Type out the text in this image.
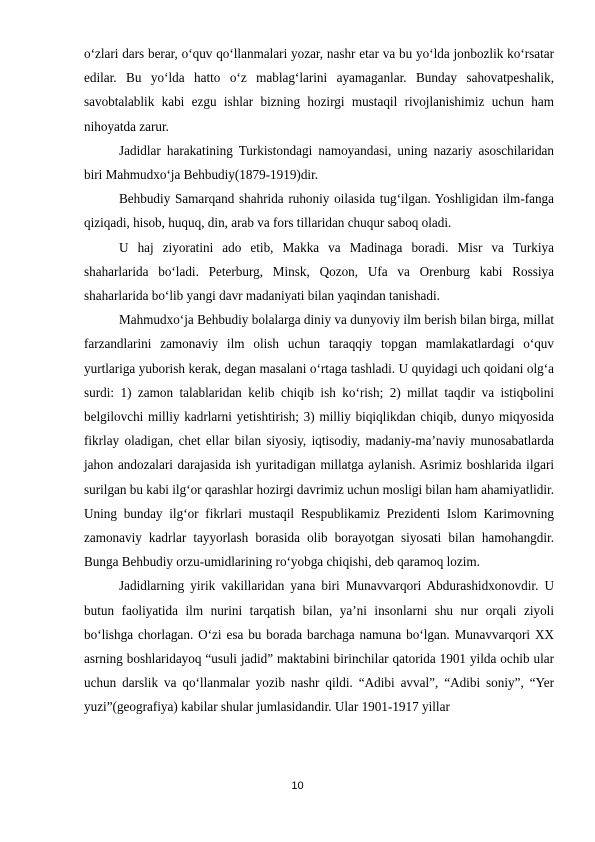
o‘zlari dars berar, o‘quv qo‘llanmalari yozar, nashr etar va bu yo‘lda jonbozlik ko‘rsatar edilar. Bu yo‘lda hatto o‘z mablag‘larini ayamaganlar. Bunday sahovatpeshalik, savobtalablik kabi ezgu ishlar bizning hozirgi mustaqil rivojlanishimiz uchun ham nihoyatda zarur.

Jadidlar harakatining Turkistondagi namoyandasi, uning nazariy asoschilaridan biri Mahmudxo‘ja Behbudiy(1879-1919)dir.

Behbudiy Samarqand shahrida ruhoniy oilasida tug‘ilgan. Yoshligidan ilm-fanga qiziqadi, hisob, huquq, din, arab va fors tillaridan chuqur saboq oladi.

U haj ziyoratini ado etib, Makka va Madinaga boradi. Misr va Turkiya shaharlarida bo‘ladi. Peterburg, Minsk, Qozon, Ufa va Orenburg kabi Rossiya shaharlarida bo‘lib yangi davr madaniyati bilan yaqindan tanishadi.

Mahmudxo‘ja Behbudiy bolalarga diniy va dunyoviy ilm berish bilan birga, millat farzandlarini zamonaviy ilm olish uchun taraqqiy topgan mamlakatlardagi o‘quv yurtlariga yuborish kerak, degan masalani o‘rtaga tashladi. U quyidagi uch qoidani olg‘a surdi: 1) zamon talablaridan kelib chiqib ish ko‘rish; 2) millat taqdir va istiqbolini belgilovchi milliy kadrlarni yetishtirish; 3) milliy biqiqlikdan chiqib, dunyo miqyosida fikrlay oladigan, chet ellar bilan siyosiy, iqtisodiy, madaniy-ma’naviy munosabatlarda jahon andozalari darajasida ish yuritadigan millatga aylanish. Asrimiz boshlarida ilgari surilgan bu kabi ilg‘or qarashlar hozirgi davrimiz uchun mosligi bilan ham ahamiyatlidir. Uning bunday ilg‘or fikrlari mustaqil Respublikamiz Prezidenti Islom Karimovning zamonaviy kadrlar tayyorlash borasida olib borayotgan siyosati bilan hamohangdir. Bunga Behbudiy orzu-umidlarining ro‘yobga chiqishi, deb qaramoq lozim.

Jadidlarning yirik vakillaridan yana biri Munavvarqori Abdurashidxonovdir. U butun faoliyatida ilm nurini tarqatish bilan, ya’ni insonlarni shu nur orqali ziyoli bo‘lishga chorlagan. O‘zi esa bu borada barchaga namuna bo‘lgan. Munavvarqori XX asrning boshlaridayoq “usuli jadid” maktabini birinchilar qatorida 1901 yilda ochib ular uchun darslik va qo‘llanmalar yozib nashr qildi. “Adibi avval”, “Adibi soniy”, “Yer yuzi”(geografiya) kabilar shular jumlasidandir. Ular 1901-1917 yillar

10
